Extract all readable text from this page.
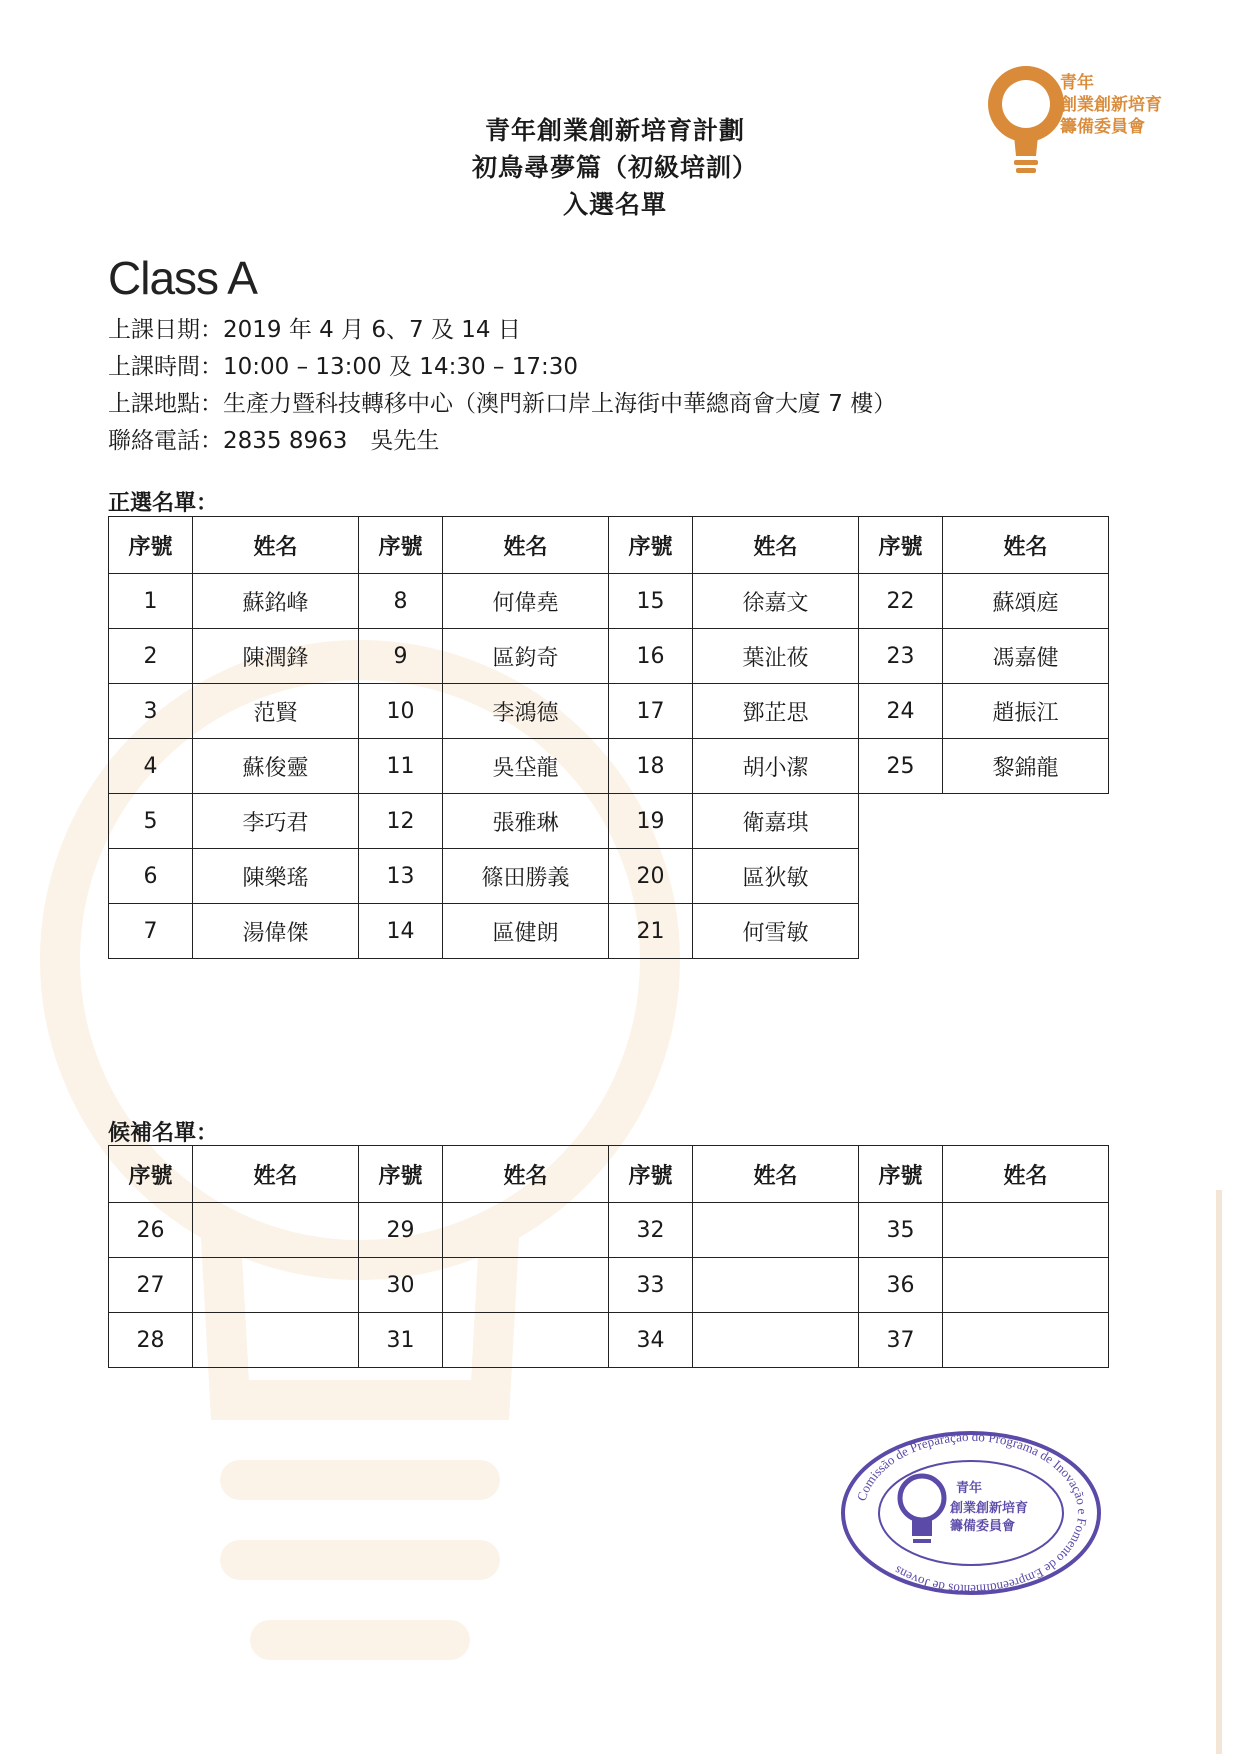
青年
創業創新培育
籌備委員會
青年創業創新培育計劃
初鳥尋夢篇（初級培訓）
入選名單
Class A
上課日期：2019 年 4 月 6、7 及 14 日
上課時間：10:00 – 13:00 及 14:30 – 17:30
上課地點：生產力暨科技轉移中心（澳門新口岸上海街中華總商會大廈 7 樓）
聯絡電話：2835 8963　吳先生
正選名單：
序號	姓名	序號	姓名	序號	姓名	序號	姓名
1	蘇銘峰	8	何偉堯	15	徐嘉文	22	蘇頌庭
2	陳潤鋒	9	區鈞奇	16	葉沚莜	23	馮嘉健
3	范賢	10	李鴻德	17	鄧芷思	24	趙振江
4	蘇俊靈	11	吳垈龍	18	胡小潔	25	黎錦龍
5	李巧君	12	張雅琳	19	衛嘉琪		
6	陳樂瑤	13	篠田勝義	20	區狄敏		
7	湯偉傑	14	區健朗	21	何雪敏		
候補名單：
序號	姓名	序號	姓名	序號	姓名	序號	姓名
26		29		32		35	
27		30		33		36	
28		31		34		37	
Comissão de Preparação do Programa de Inovação e Fomento de Empreendimentos de Jovens
青年
創業創新培育
籌備委員會
